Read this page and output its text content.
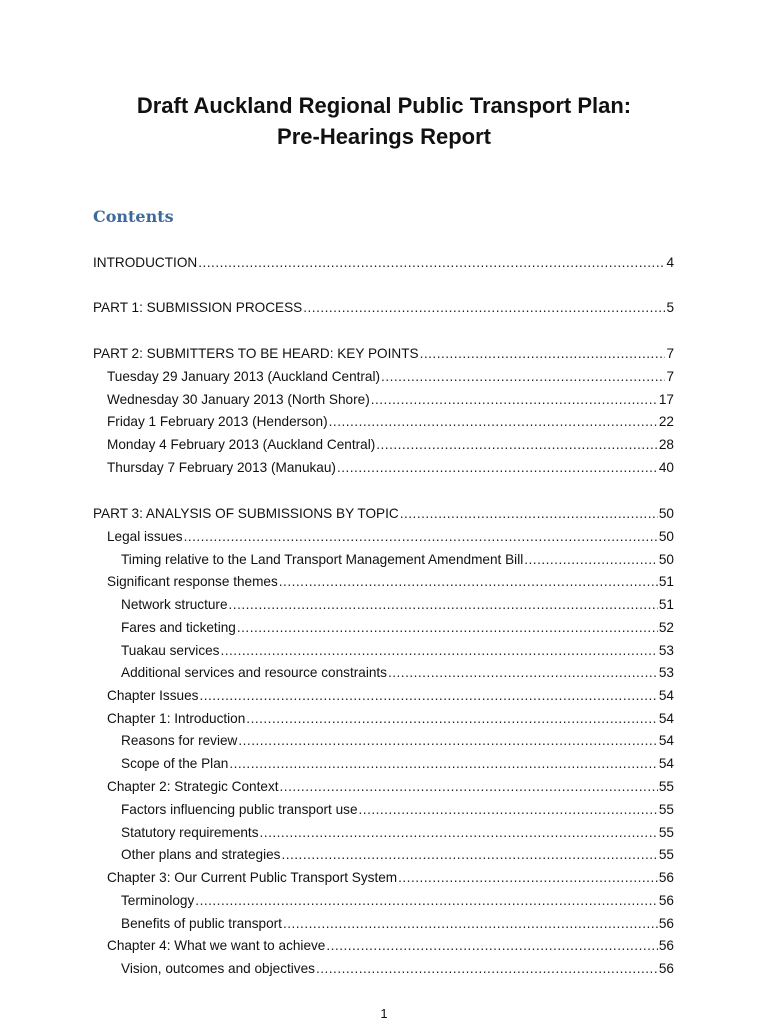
Draft Auckland Regional Public Transport Plan:
Pre-Hearings Report
Contents
INTRODUCTION .....	4
PART 1: SUBMISSION PROCESS .....	5
PART 2: SUBMITTERS TO BE HEARD: KEY POINTS .....	7
Tuesday 29 January 2013 (Auckland Central) .....	7
Wednesday 30 January 2013 (North Shore) .....	17
Friday 1 February 2013 (Henderson) .....	22
Monday 4 February 2013 (Auckland Central) .....	28
Thursday 7 February 2013 (Manukau) .....	40
PART 3: ANALYSIS OF SUBMISSIONS BY TOPIC .....	50
Legal issues .....	50
Timing relative to the Land Transport Management Amendment Bill .....	50
Significant response themes .....	51
Network structure .....	51
Fares and ticketing .....	52
Tuakau services .....	53
Additional services and resource constraints .....	53
Chapter Issues .....	54
Chapter 1: Introduction .....	54
Reasons for review .....	54
Scope of the Plan .....	54
Chapter 2: Strategic Context .....	55
Factors influencing public transport use .....	55
Statutory requirements .....	55
Other plans and strategies .....	55
Chapter 3: Our Current Public Transport System .....	56
Terminology .....	56
Benefits of public transport .....	56
Chapter 4: What we want to achieve .....	56
Vision, outcomes and objectives .....	56
1
